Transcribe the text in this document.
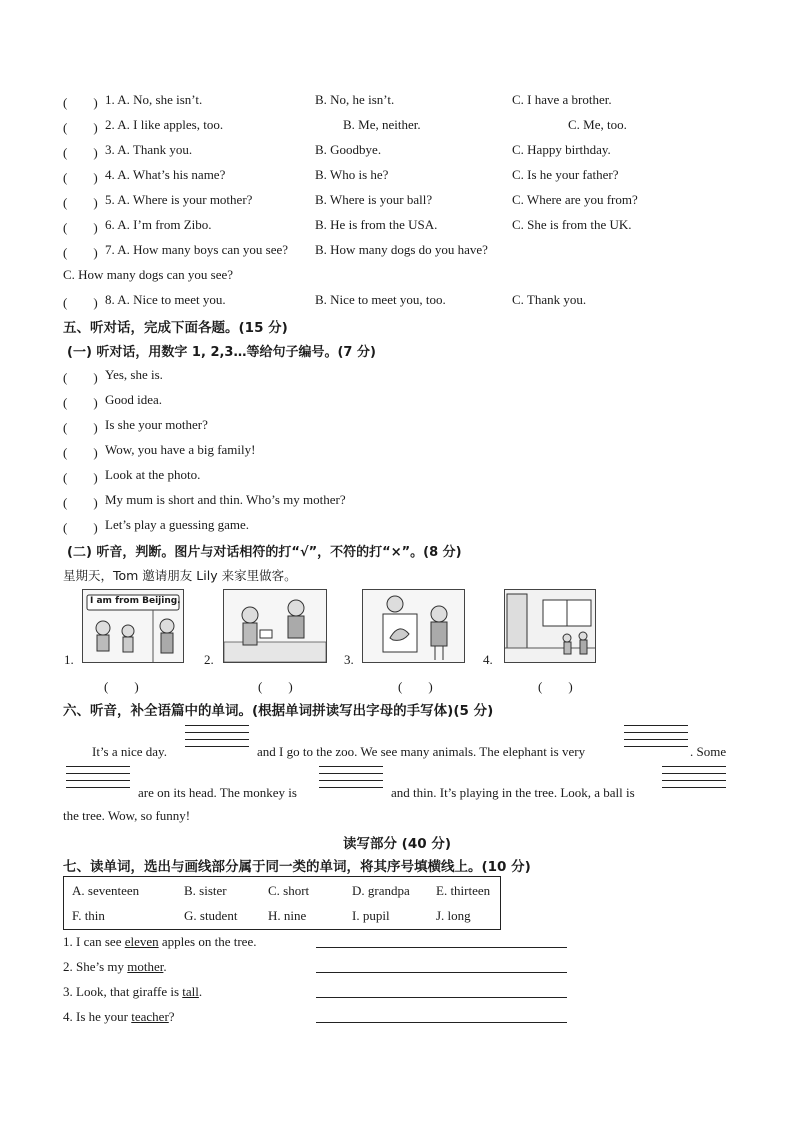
(　　) 1. A. No, she isn’t.	B. No, he isn’t.	C. I have a brother.
(　　) 2. A. I like apples, too.	B. Me, neither.	C. Me, too.
(　　) 3. A. Thank you.	B. Goodbye.	C. Happy birthday.
(　　) 4. A. What’s his name?	B. Who is he?	C. Is he your father?
(　　) 5. A. Where is your mother?	B. Where is your ball?	C. Where are you from?
(　　) 6. A. I’m from Zibo.	B. He is from the USA.	C. She is from the UK.
(　　) 7. A. How many boys can you see? B. How many dogs do you have?
C. How many dogs can you see?
(　　) 8. A. Nice to meet you.	B. Nice to meet you, too.	C. Thank you.
五、听对话，完成下面各题。(15 分)
(一) 听对话，用数字 1, 2,3…等给句子编号。(7 分)
(　　) Yes, she is.
(　　) Good idea.
(　　) Is she your mother?
(　　) Wow, you have a big family!
(　　) Look at the photo.
(　　) My mum is short and thin. Who’s my mother?
(　　) Let’s play a guessing game.
(二) 听音，判断。图片与对话相符的打“√”，不符的打“×”。(8 分)
星期天，Tom 邀请朋友 Lily 来家里做客。
1.
I am from Beijing.
2.	3.	4.
(　　)	(　　)	(　　)	(　　)
六、听音，补全语篇中的单词。(根据单词拼读写出字母的手写体)(5 分)
It’s a nice day.	and I go to the zoo. We see many animals. The elephant is very	. Some
are on its head. The monkey is	and thin. It’s playing in the tree. Look, a ball is
the tree. Wow, so funny!
读写部分 (40 分)
七、读单词，选出与画线部分属于同一类的单词，将其序号填横线上。(10 分)
A. seventeen	B. sister	C. short	D. grandpa E. thirteen
F. thin	G. student H. nine	I. pupil	J. long
1. I can see eleven apples on the tree.
2. She’s my mother.
3. Look, that giraffe is tall.
4. Is he your teacher?
